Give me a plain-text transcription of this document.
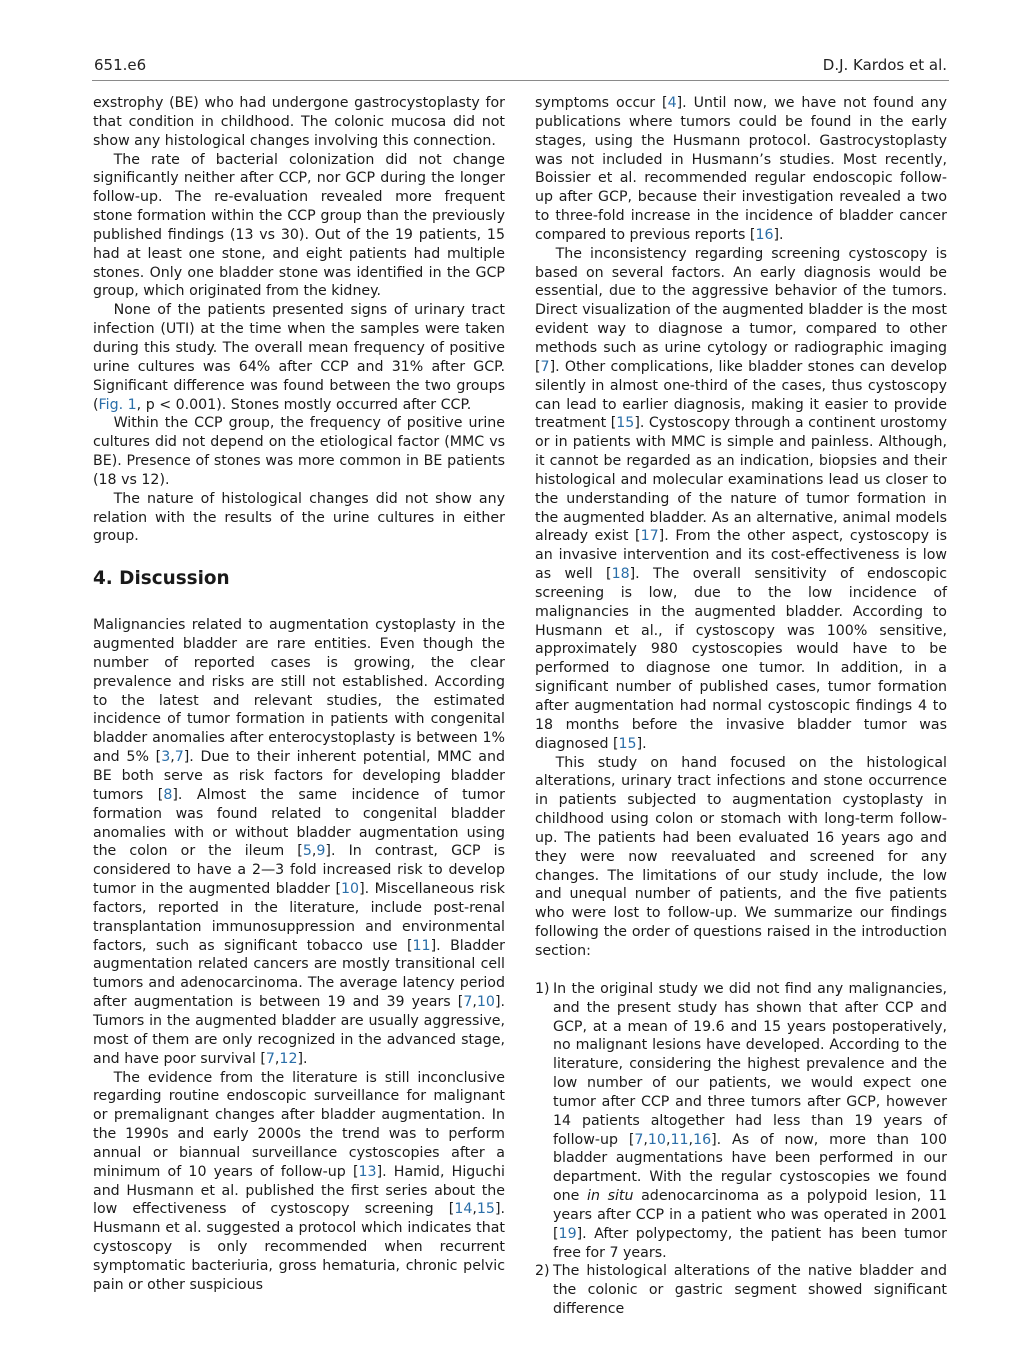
651.e6	D.J. Kardos et al.

exstrophy (BE) who had undergone gastrocystoplasty for that condition in childhood. The colonic mucosa did not show any histological changes involving this connection.

The rate of bacterial colonization did not change significantly neither after CCP, nor GCP during the longer follow-up. The re-evaluation revealed more frequent stone formation within the CCP group than the previously published findings (13 vs 30). Out of the 19 patients, 15 had at least one stone, and eight patients had multiple stones. Only one bladder stone was identified in the GCP group, which originated from the kidney.

None of the patients presented signs of urinary tract infection (UTI) at the time when the samples were taken during this study. The overall mean frequency of positive urine cultures was 64% after CCP and 31% after GCP. Significant difference was found between the two groups (Fig. 1, p < 0.001). Stones mostly occurred after CCP.

Within the CCP group, the frequency of positive urine cultures did not depend on the etiological factor (MMC vs BE). Presence of stones was more common in BE patients (18 vs 12).

The nature of histological changes did not show any relation with the results of the urine cultures in either group.

4. Discussion

Malignancies related to augmentation cystoplasty in the augmented bladder are rare entities. Even though the number of reported cases is growing, the clear prevalence and risks are still not established. According to the latest and relevant studies, the estimated incidence of tumor formation in patients with congenital bladder anomalies after enterocystoplasty is between 1% and 5% [3,7]. Due to their inherent potential, MMC and BE both serve as risk factors for developing bladder tumors [8]. Almost the same incidence of tumor formation was found related to congenital bladder anomalies with or without bladder augmentation using the colon or the ileum [5,9]. In contrast, GCP is considered to have a 2—3 fold increased risk to develop tumor in the augmented bladder [10]. Miscellaneous risk factors, reported in the literature, include post-renal transplantation immunosuppression and environmental factors, such as significant tobacco use [11]. Bladder augmentation related cancers are mostly transitional cell tumors and adenocarcinoma. The average latency period after augmentation is between 19 and 39 years [7,10]. Tumors in the augmented bladder are usually aggressive, most of them are only recognized in the advanced stage, and have poor survival [7,12].

The evidence from the literature is still inconclusive regarding routine endoscopic surveillance for malignant or premalignant changes after bladder augmentation. In the 1990s and early 2000s the trend was to perform annual or biannual surveillance cystoscopies after a minimum of 10 years of follow-up [13]. Hamid, Higuchi and Husmann et al. published the first series about the low effectiveness of cystoscopy screening [14,15]. Husmann et al. suggested a protocol which indicates that cystoscopy is only recommended when recurrent symptomatic bacteriuria, gross hematuria, chronic pelvic pain or other suspicious

symptoms occur [4]. Until now, we have not found any publications where tumors could be found in the early stages, using the Husmann protocol. Gastrocystoplasty was not included in Husmann’s studies. Most recently, Boissier et al. recommended regular endoscopic follow-up after GCP, because their investigation revealed a two to three-fold increase in the incidence of bladder cancer compared to previous reports [16].

The inconsistency regarding screening cystoscopy is based on several factors. An early diagnosis would be essential, due to the aggressive behavior of the tumors. Direct visualization of the augmented bladder is the most evident way to diagnose a tumor, compared to other methods such as urine cytology or radiographic imaging [7]. Other complications, like bladder stones can develop silently in almost one-third of the cases, thus cystoscopy can lead to earlier diagnosis, making it easier to provide treatment [15]. Cystoscopy through a continent urostomy or in patients with MMC is simple and painless. Although, it cannot be regarded as an indication, biopsies and their histological and molecular examinations lead us closer to the understanding of the nature of tumor formation in the augmented bladder. As an alternative, animal models already exist [17]. From the other aspect, cystoscopy is an invasive intervention and its cost-effectiveness is low as well [18]. The overall sensitivity of endoscopic screening is low, due to the low incidence of malignancies in the augmented bladder. According to Husmann et al., if cystoscopy was 100% sensitive, approximately 980 cystoscopies would have to be performed to diagnose one tumor. In addition, in a significant number of published cases, tumor formation after augmentation had normal cystoscopic findings 4 to 18 months before the invasive bladder tumor was diagnosed [15].

This study on hand focused on the histological alterations, urinary tract infections and stone occurrence in patients subjected to augmentation cystoplasty in childhood using colon or stomach with long-term follow-up. The patients had been evaluated 16 years ago and they were now reevaluated and screened for any changes. The limitations of our study include, the low and unequal number of patients, and the five patients who were lost to follow-up. We summarize our findings following the order of questions raised in the introduction section:

1) In the original study we did not find any malignancies, and the present study has shown that after CCP and GCP, at a mean of 19.6 and 15 years postoperatively, no malignant lesions have developed. According to the literature, considering the highest prevalence and the low number of our patients, we would expect one tumor after CCP and three tumors after GCP, however 14 patients altogether had less than 19 years of follow-up [7,10,11,16]. As of now, more than 100 bladder augmentations have been performed in our department. With the regular cystoscopies we found one in situ adenocarcinoma as a polypoid lesion, 11 years after CCP in a patient who was operated in 2001 [19]. After polypectomy, the patient has been tumor free for 7 years.
2) The histological alterations of the native bladder and the colonic or gastric segment showed significant difference
